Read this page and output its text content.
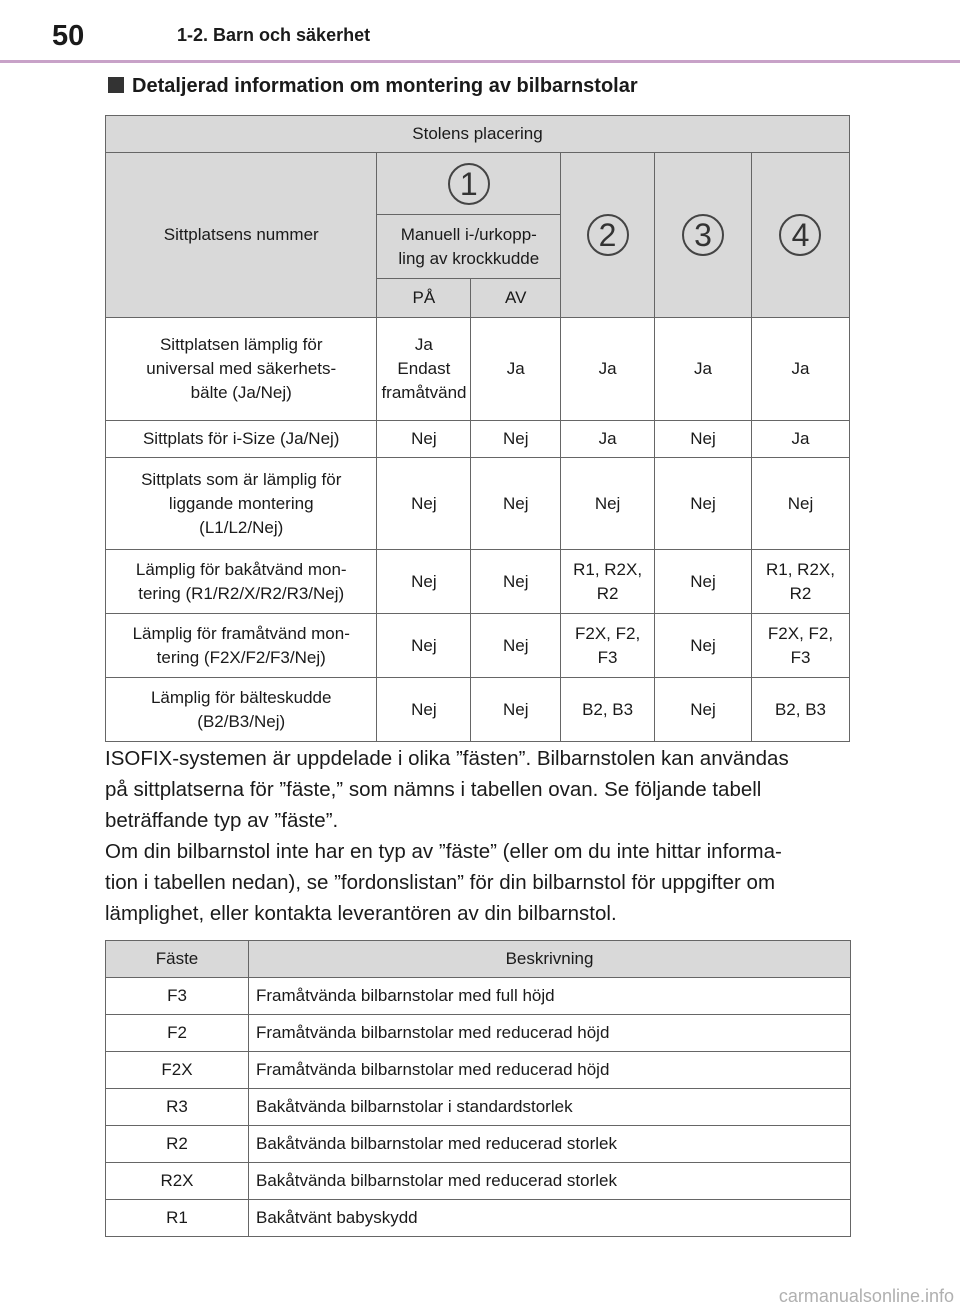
50	1-2. Barn och säkerhet
Detaljerad information om montering av bilbarnstolar
Stolens placering					
Sittplatsens nummer	1		2	3	4
	Manuell i-/urkopp-
ling av krockkudde				
	PÅ	AV			
Sittplatsen lämplig för
universal med säkerhets-
bälte (Ja/Nej)	Ja
Endast
framåtvänd	Ja	Ja	Ja	Ja
Sittplats för i-Size (Ja/Nej)	Nej	Nej	Ja	Nej	Ja
Sittplats som är lämplig för
liggande montering
(L1/L2/Nej)	Nej	Nej	Nej	Nej	Nej
Lämplig för bakåtvänd mon-
tering (R1/R2/X/R2/R3/Nej)	Nej	Nej	R1, R2X,
R2	Nej	R1, R2X,
R2
Lämplig för framåtvänd mon-
tering (F2X/F2/F3/Nej)	Nej	Nej	F2X, F2,
F3	Nej	F2X, F2,
F3
Lämplig för bälteskudde
(B2/B3/Nej)	Nej	Nej	B2, B3	Nej	B2, B3

ISOFIX-systemen är uppdelade i olika ”fästen”. Bilbarnstolen kan användas

på sittplatserna för ”fäste,” som nämns i tabellen ovan. Se följande tabell

beträffande typ av ”fäste”.

Om din bilbarnstol inte har en typ av ”fäste” (eller om du inte hittar informa-

tion i tabellen nedan), se ”fordonslistan” för din bilbarnstol för uppgifter om

lämplighet, eller kontakta leverantören av din bilbarnstol.

Fäste	Beskrivning
F3	Framåtvända bilbarnstolar med full höjd
F2	Framåtvända bilbarnstolar med reducerad höjd
F2X	Framåtvända bilbarnstolar med reducerad höjd
R3	Bakåtvända bilbarnstolar i standardstorlek
R2	Bakåtvända bilbarnstolar med reducerad storlek
R2X	Bakåtvända bilbarnstolar med reducerad storlek
R1	Bakåtvänt babyskydd
carmanualsonline.info
